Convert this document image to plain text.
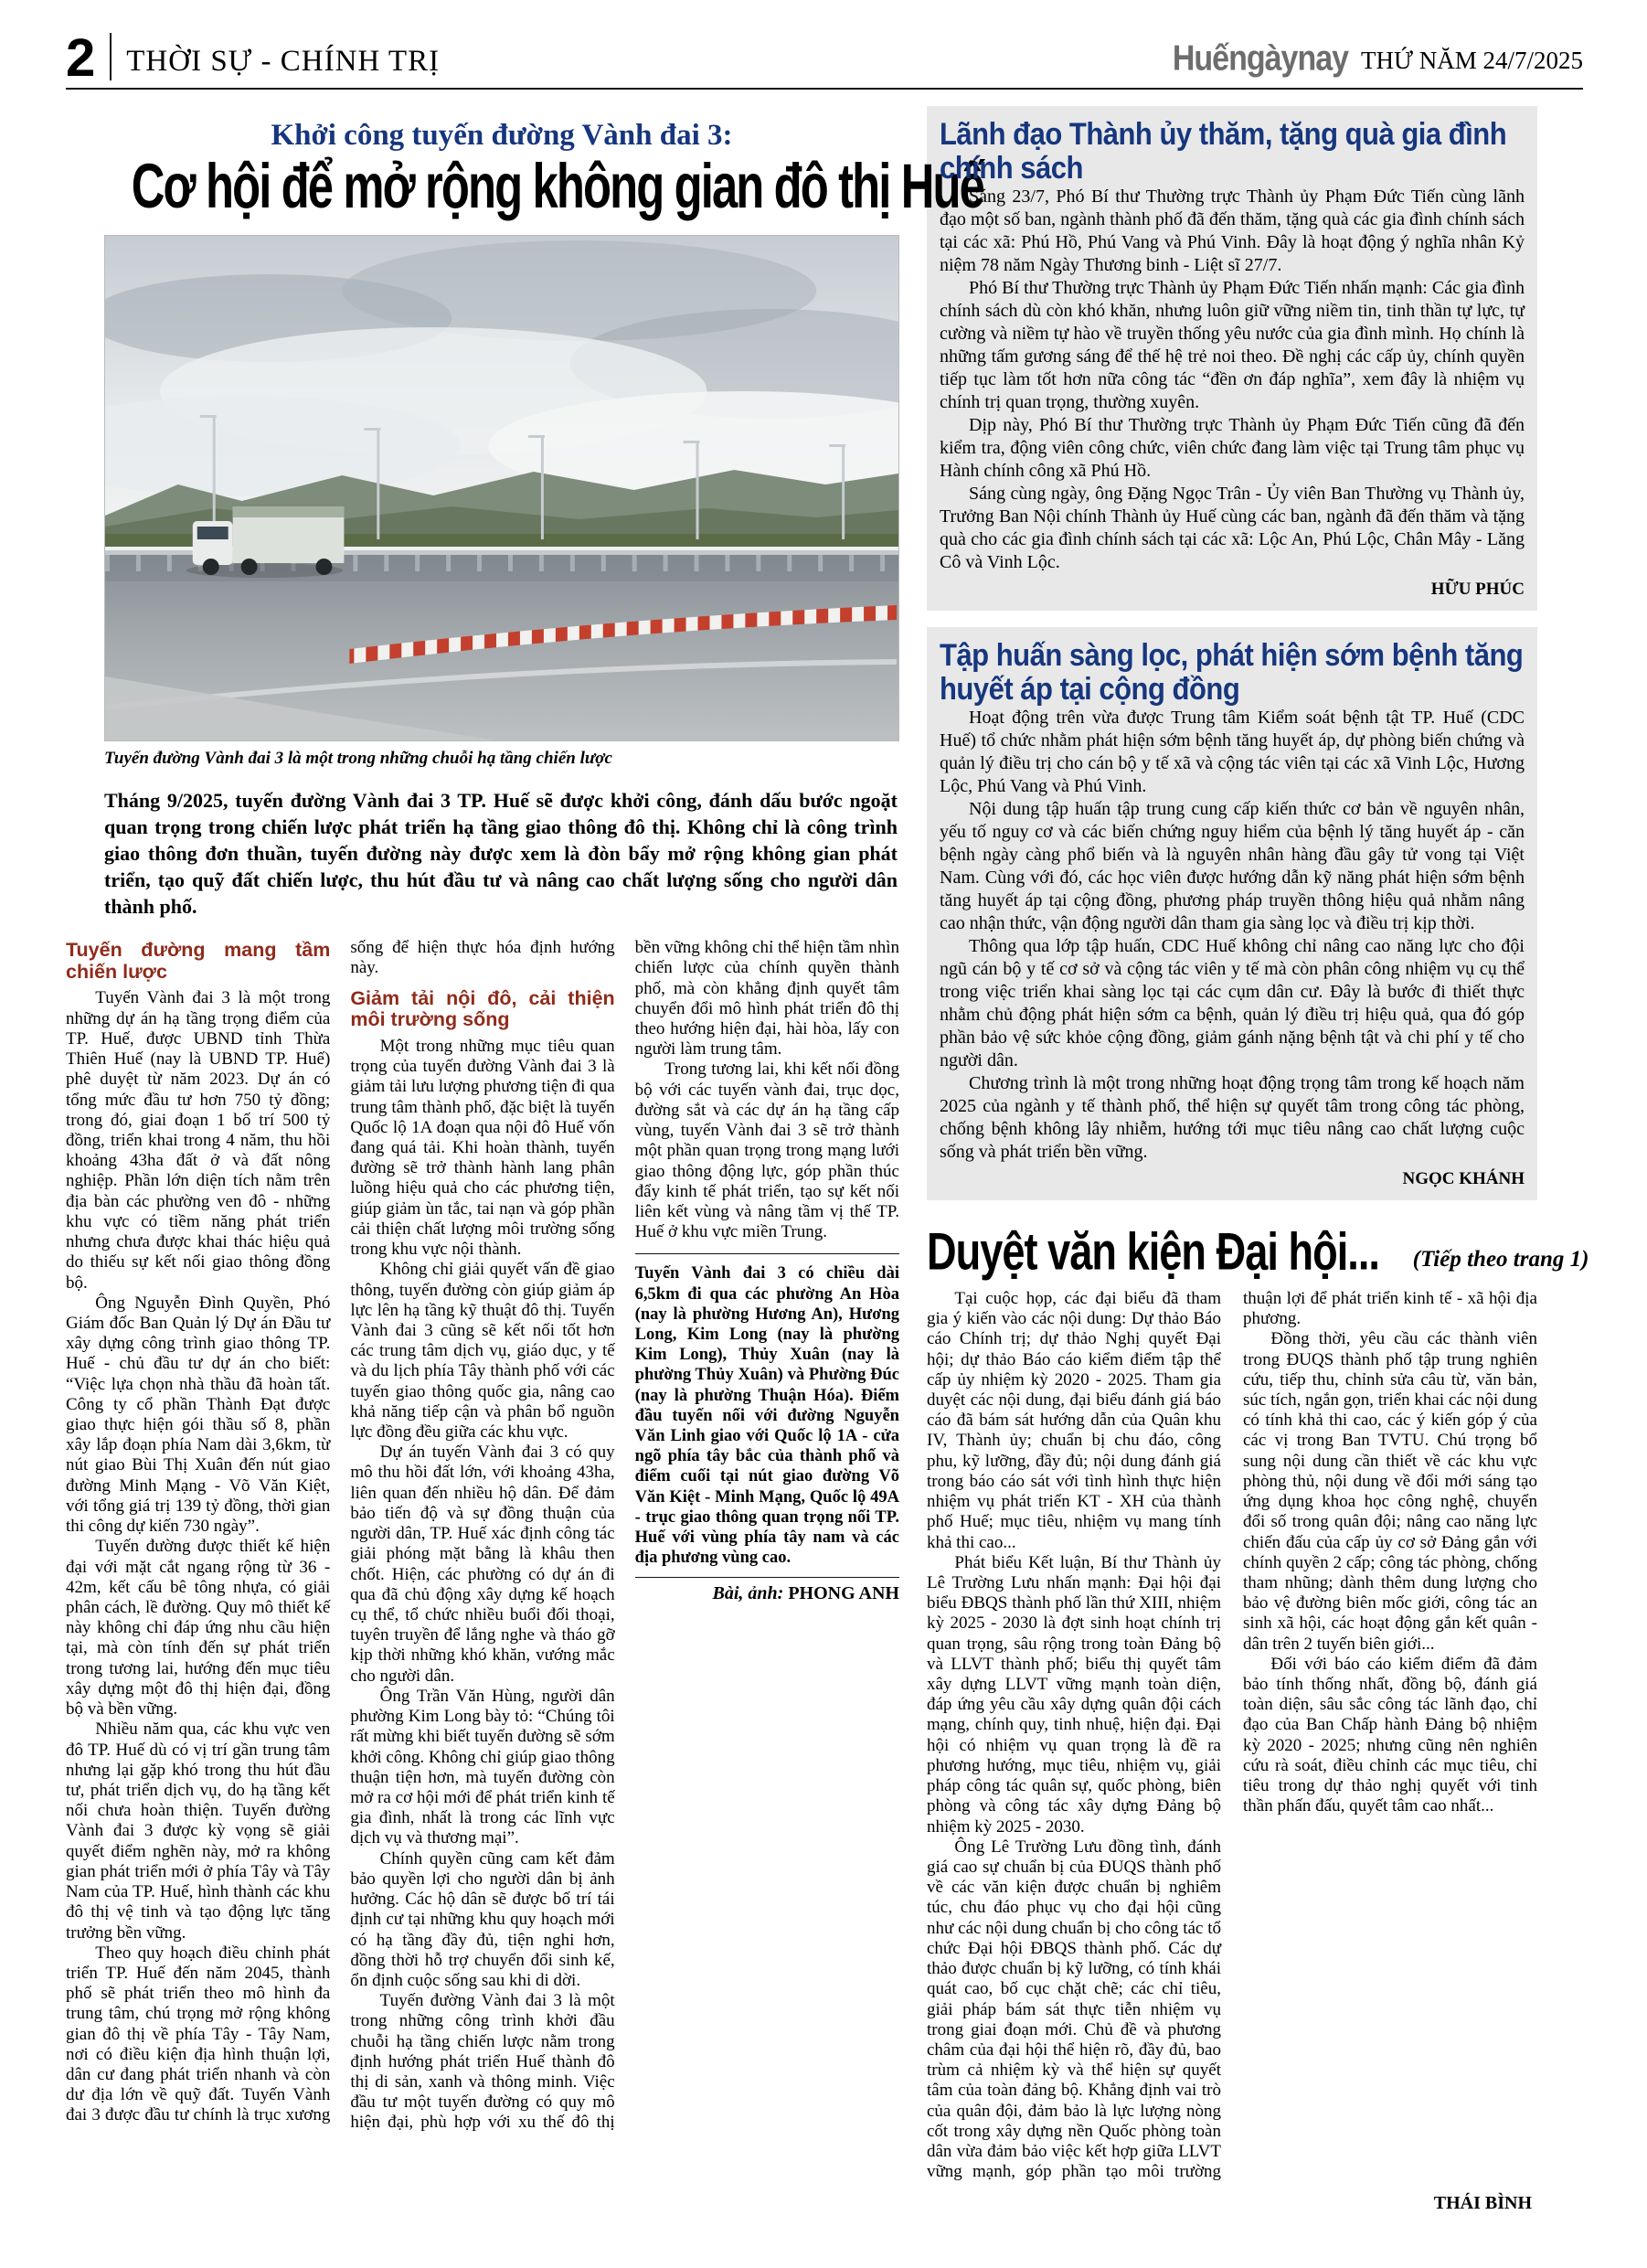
2 THỜI SỰ - CHÍNH TRỊ	Huếngàynay THỨ NĂM 24/7/2025
Khởi công tuyến đường Vành đai 3:
Cơ hội để mở rộng không gian đô thị Huế
Tuyến đường Vành đai 3 là một trong những chuỗi hạ tầng chiến lược

Tháng 9/2025, tuyến đường Vành đai 3 TP. Huế sẽ được khởi công, đánh dấu bước ngoặt quan trọng trong chiến lược phát triển hạ tầng giao thông đô thị. Không chỉ là công trình giao thông đơn thuần, tuyến đường này được xem là đòn bẩy mở rộng không gian phát triển, tạo quỹ đất chiến lược, thu hút đầu tư và nâng cao chất lượng sống cho người dân thành phố.

Tuyến đường mang tầm chiến lược

Tuyến Vành đai 3 là một trong những dự án hạ tầng trọng điểm của TP. Huế, được UBND tỉnh Thừa Thiên Huế (nay là UBND TP. Huế) phê duyệt từ năm 2023. Dự án có tổng mức đầu tư hơn 750 tỷ đồng; trong đó, giai đoạn 1 bố trí 500 tỷ đồng, triển khai trong 4 năm, thu hồi khoảng 43ha đất ở và đất nông nghiệp. Phần lớn diện tích nằm trên địa bàn các phường ven đô - những khu vực có tiềm năng phát triển nhưng chưa được khai thác hiệu quả do thiếu sự kết nối giao thông đồng bộ.

Ông Nguyễn Đình Quyền, Phó Giám đốc Ban Quản lý Dự án Đầu tư xây dựng công trình giao thông TP. Huế - chủ đầu tư dự án cho biết: “Việc lựa chọn nhà thầu đã hoàn tất. Công ty cổ phần Thành Đạt được giao thực hiện gói thầu số 8, phần xây lắp đoạn phía Nam dài 3,6km, từ nút giao Bùi Thị Xuân đến nút giao đường Minh Mạng - Võ Văn Kiệt, với tổng giá trị 139 tỷ đồng, thời gian thi công dự kiến 730 ngày”.

Tuyến đường được thiết kế hiện đại với mặt cắt ngang rộng từ 36 - 42m, kết cấu bê tông nhựa, có giải phân cách, lề đường. Quy mô thiết kế này không chỉ đáp ứng nhu cầu hiện tại, mà còn tính đến sự phát triển trong tương lai, hướng đến mục tiêu xây dựng một đô thị hiện đại, đồng bộ và bền vững.

Nhiều năm qua, các khu vực ven đô TP. Huế dù có vị trí gần trung tâm nhưng lại gặp khó trong thu hút đầu tư, phát triển dịch vụ, do hạ tầng kết nối chưa hoàn thiện. Tuyến đường Vành đai 3 được kỳ vọng sẽ giải quyết điểm nghẽn này, mở ra không gian phát triển mới ở phía Tây và Tây Nam của TP. Huế, hình thành các khu đô thị vệ tinh và tạo động lực tăng trưởng bền vững.

Theo quy hoạch điều chỉnh phát triển TP. Huế đến năm 2045, thành phố sẽ phát triển theo mô hình đa trung tâm, chú trọng mở rộng không gian đô thị về phía Tây - Tây Nam, nơi có điều kiện địa hình thuận lợi, dân cư đang phát triển nhanh và còn dư địa lớn về quỹ đất. Tuyến Vành đai 3 được đầu tư chính là trục xương sống để hiện thực hóa định hướng này.

Giảm tải nội đô, cải thiện môi trường sống

Một trong những mục tiêu quan trọng của tuyến đường Vành đai 3 là giảm tải lưu lượng phương tiện đi qua trung tâm thành phố, đặc biệt là tuyến Quốc lộ 1A đoạn qua nội đô Huế vốn đang quá tải. Khi hoàn thành, tuyến đường sẽ trở thành hành lang phân luồng hiệu quả cho các phương tiện, giúp giảm ùn tắc, tai nạn và góp phần cải thiện chất lượng môi trường sống trong khu vực nội thành.

Không chỉ giải quyết vấn đề giao thông, tuyến đường còn giúp giảm áp lực lên hạ tầng kỹ thuật đô thị. Tuyến Vành đai 3 cũng sẽ kết nối tốt hơn các trung tâm dịch vụ, giáo dục, y tế và du lịch phía Tây thành phố với các tuyến giao thông quốc gia, nâng cao khả năng tiếp cận và phân bổ nguồn lực đồng đều giữa các khu vực.

Dự án tuyến Vành đai 3 có quy mô thu hồi đất lớn, với khoảng 43ha, liên quan đến nhiều hộ dân. Để đảm bảo tiến độ và sự đồng thuận của người dân, TP. Huế xác định công tác giải phóng mặt bằng là khâu then chốt. Hiện, các phường có dự án đi qua đã chủ động xây dựng kế hoạch cụ thể, tổ chức nhiều buổi đối thoại, tuyên truyền để lắng nghe và tháo gỡ kịp thời những khó khăn, vướng mắc cho người dân.

Ông Trần Văn Hùng, người dân phường Kim Long bày tỏ: “Chúng tôi rất mừng khi biết tuyến đường sẽ sớm khởi công. Không chỉ giúp giao thông thuận tiện hơn, mà tuyến đường còn mở ra cơ hội mới để phát triển kinh tế gia đình, nhất là trong các lĩnh vực dịch vụ và thương mại”.

Chính quyền cũng cam kết đảm bảo quyền lợi cho người dân bị ảnh hưởng. Các hộ dân sẽ được bố trí tái định cư tại những khu quy hoạch mới có hạ tầng đầy đủ, tiện nghi hơn, đồng thời hỗ trợ chuyển đổi sinh kế, ổn định cuộc sống sau khi di dời.

Tuyến đường Vành đai 3 là một trong những công trình khởi đầu chuỗi hạ tầng chiến lược nằm trong định hướng phát triển Huế thành đô thị di sản, xanh và thông minh. Việc đầu tư một tuyến đường có quy mô hiện đại, phù hợp với xu thế đô thị bền vững không chỉ thể hiện tầm nhìn chiến lược của chính quyền thành phố, mà còn khẳng định quyết tâm chuyển đổi mô hình phát triển đô thị theo hướng hiện đại, hài hòa, lấy con người làm trung tâm.

Trong tương lai, khi kết nối đồng bộ với các tuyến vành đai, trục dọc, đường sắt và các dự án hạ tầng cấp vùng, tuyến Vành đai 3 sẽ trở thành một phần quan trọng trong mạng lưới giao thông động lực, góp phần thúc đẩy kinh tế phát triển, tạo sự kết nối liên kết vùng và nâng tầm vị thế TP. Huế ở khu vực miền Trung.

Tuyến Vành đai 3 có chiều dài 6,5km đi qua các phường An Hòa (nay là phường Hương An), Hương Long, Kim Long (nay là phường Kim Long), Thủy Xuân (nay là phường Thủy Xuân) và Phường Đúc (nay là phường Thuận Hóa). Điểm đầu tuyến nối với đường Nguyễn Văn Linh giao với Quốc lộ 1A - cửa ngõ phía tây bắc của thành phố và điểm cuối tại nút giao đường Võ Văn Kiệt - Minh Mạng, Quốc lộ 49A - trục giao thông quan trọng nối TP. Huế với vùng phía tây nam và các địa phương vùng cao.
Bài, ảnh: PHONG ANH
Lãnh đạo Thành ủy thăm, tặng quà gia đình chính sách

Sáng 23/7, Phó Bí thư Thường trực Thành ủy Phạm Đức Tiến cùng lãnh đạo một số ban, ngành thành phố đã đến thăm, tặng quà các gia đình chính sách tại các xã: Phú Hồ, Phú Vang và Phú Vinh. Đây là hoạt động ý nghĩa nhân Kỷ niệm 78 năm Ngày Thương binh - Liệt sĩ 27/7.

Phó Bí thư Thường trực Thành ủy Phạm Đức Tiến nhấn mạnh: Các gia đình chính sách dù còn khó khăn, nhưng luôn giữ vững niềm tin, tinh thần tự lực, tự cường và niềm tự hào về truyền thống yêu nước của gia đình mình. Họ chính là những tấm gương sáng để thế hệ trẻ noi theo. Đề nghị các cấp ủy, chính quyền tiếp tục làm tốt hơn nữa công tác “đền ơn đáp nghĩa”, xem đây là nhiệm vụ chính trị quan trọng, thường xuyên.

Dịp này, Phó Bí thư Thường trực Thành ủy Phạm Đức Tiến cũng đã đến kiểm tra, động viên công chức, viên chức đang làm việc tại Trung tâm phục vụ Hành chính công xã Phú Hồ.

Sáng cùng ngày, ông Đặng Ngọc Trân - Ủy viên Ban Thường vụ Thành ủy, Trưởng Ban Nội chính Thành ủy Huế cùng các ban, ngành đã đến thăm và tặng quà cho các gia đình chính sách tại các xã: Lộc An, Phú Lộc, Chân Mây - Lăng Cô và Vinh Lộc.

HỮU PHÚC
Tập huấn sàng lọc, phát hiện sớm bệnh tăng huyết áp tại cộng đồng

Hoạt động trên vừa được Trung tâm Kiểm soát bệnh tật TP. Huế (CDC Huế) tổ chức nhằm phát hiện sớm bệnh tăng huyết áp, dự phòng biến chứng và quản lý điều trị cho cán bộ y tế xã và cộng tác viên tại các xã Vinh Lộc, Hương Lộc, Phú Vang và Phú Vinh.

Nội dung tập huấn tập trung cung cấp kiến thức cơ bản về nguyên nhân, yếu tố nguy cơ và các biến chứng nguy hiểm của bệnh lý tăng huyết áp - căn bệnh ngày càng phổ biến và là nguyên nhân hàng đầu gây tử vong tại Việt Nam. Cùng với đó, các học viên được hướng dẫn kỹ năng phát hiện sớm bệnh tăng huyết áp tại cộng đồng, phương pháp truyền thông hiệu quả nhằm nâng cao nhận thức, vận động người dân tham gia sàng lọc và điều trị kịp thời.

Thông qua lớp tập huấn, CDC Huế không chỉ nâng cao năng lực cho đội ngũ cán bộ y tế cơ sở và cộng tác viên y tế mà còn phân công nhiệm vụ cụ thể trong việc triển khai sàng lọc tại các cụm dân cư. Đây là bước đi thiết thực nhằm chủ động phát hiện sớm ca bệnh, quản lý điều trị hiệu quả, qua đó góp phần bảo vệ sức khỏe cộng đồng, giảm gánh nặng bệnh tật và chi phí y tế cho người dân.

Chương trình là một trong những hoạt động trọng tâm trong kế hoạch năm 2025 của ngành y tế thành phố, thể hiện sự quyết tâm trong công tác phòng, chống bệnh không lây nhiễm, hướng tới mục tiêu nâng cao chất lượng cuộc sống và phát triển bền vững.

NGỌC KHÁNH
Duyệt văn kiện Đại hội... (Tiếp theo trang 1)

Tại cuộc họp, các đại biểu đã tham gia ý kiến vào các nội dung: Dự thảo Báo cáo Chính trị; dự thảo Nghị quyết Đại hội; dự thảo Báo cáo kiểm điểm tập thể cấp ủy nhiệm kỳ 2020 - 2025. Tham gia duyệt các nội dung, đại biểu đánh giá báo cáo đã bám sát hướng dẫn của Quân khu IV, Thành ủy; chuẩn bị chu đáo, công phu, kỹ lưỡng, đầy đủ; nội dung đánh giá trong báo cáo sát với tình hình thực hiện nhiệm vụ phát triển KT - XH của thành phố Huế; mục tiêu, nhiệm vụ mang tính khả thi cao...

Phát biểu Kết luận, Bí thư Thành ủy Lê Trường Lưu nhấn mạnh: Đại hội đại biểu ĐBQS thành phố lần thứ XIII, nhiệm kỳ 2025 - 2030 là đợt sinh hoạt chính trị quan trọng, sâu rộng trong toàn Đảng bộ và LLVT thành phố; biểu thị quyết tâm xây dựng LLVT vững mạnh toàn diện, đáp ứng yêu cầu xây dựng quân đội cách mạng, chính quy, tinh nhuệ, hiện đại. Đại hội có nhiệm vụ quan trọng là đề ra phương hướng, mục tiêu, nhiệm vụ, giải pháp công tác quân sự, quốc phòng, biên phòng và công tác xây dựng Đảng bộ nhiệm kỳ 2025 - 2030.

Ông Lê Trường Lưu đồng tình, đánh giá cao sự chuẩn bị của ĐUQS thành phố về các văn kiện được chuẩn bị nghiêm túc, chu đáo phục vụ cho đại hội cũng như các nội dung chuẩn bị cho công tác tổ chức Đại hội ĐBQS thành phố. Các dự thảo được chuẩn bị kỹ lưỡng, có tính khái quát cao, bố cục chặt chẽ; các chỉ tiêu, giải pháp bám sát thực tiễn nhiệm vụ trong giai đoạn mới. Chủ đề và phương châm của đại hội thể hiện rõ, đầy đủ, bao trùm cả nhiệm kỳ và thể hiện sự quyết tâm của toàn đảng bộ. Khẳng định vai trò của quân đội, đảm bảo là lực lượng nòng cốt trong xây dựng nền Quốc phòng toàn dân vừa đảm bảo việc kết hợp giữa LLVT vững mạnh, góp phần tạo môi trường thuận lợi để phát triển kinh tế - xã hội địa phương.

Đồng thời, yêu cầu các thành viên trong ĐUQS thành phố tập trung nghiên cứu, tiếp thu, chỉnh sửa câu từ, văn bản, súc tích, ngắn gọn, triển khai các nội dung có tính khả thi cao, các ý kiến góp ý của các vị trong Ban TVTU. Chú trọng bổ sung nội dung cần thiết về các khu vực phòng thủ, nội dung về đổi mới sáng tạo ứng dụng khoa học công nghệ, chuyển đổi số trong quân đội; nâng cao năng lực chiến đấu của cấp ủy cơ sở Đảng gắn với chính quyền 2 cấp; công tác phòng, chống tham nhũng; dành thêm dung lượng cho bảo vệ đường biên mốc giới, công tác an sinh xã hội, các hoạt động gắn kết quân - dân trên 2 tuyến biên giới...

Đối với báo cáo kiểm điểm đã đảm bảo tính thống nhất, đồng bộ, đánh giá toàn diện, sâu sắc công tác lãnh đạo, chỉ đạo của Ban Chấp hành Đảng bộ nhiệm kỳ 2020 - 2025; nhưng cũng nên nghiên cứu rà soát, điều chỉnh các mục tiêu, chỉ tiêu trong dự thảo nghị quyết với tinh thần phấn đấu, quyết tâm cao nhất...

THÁI BÌNH
